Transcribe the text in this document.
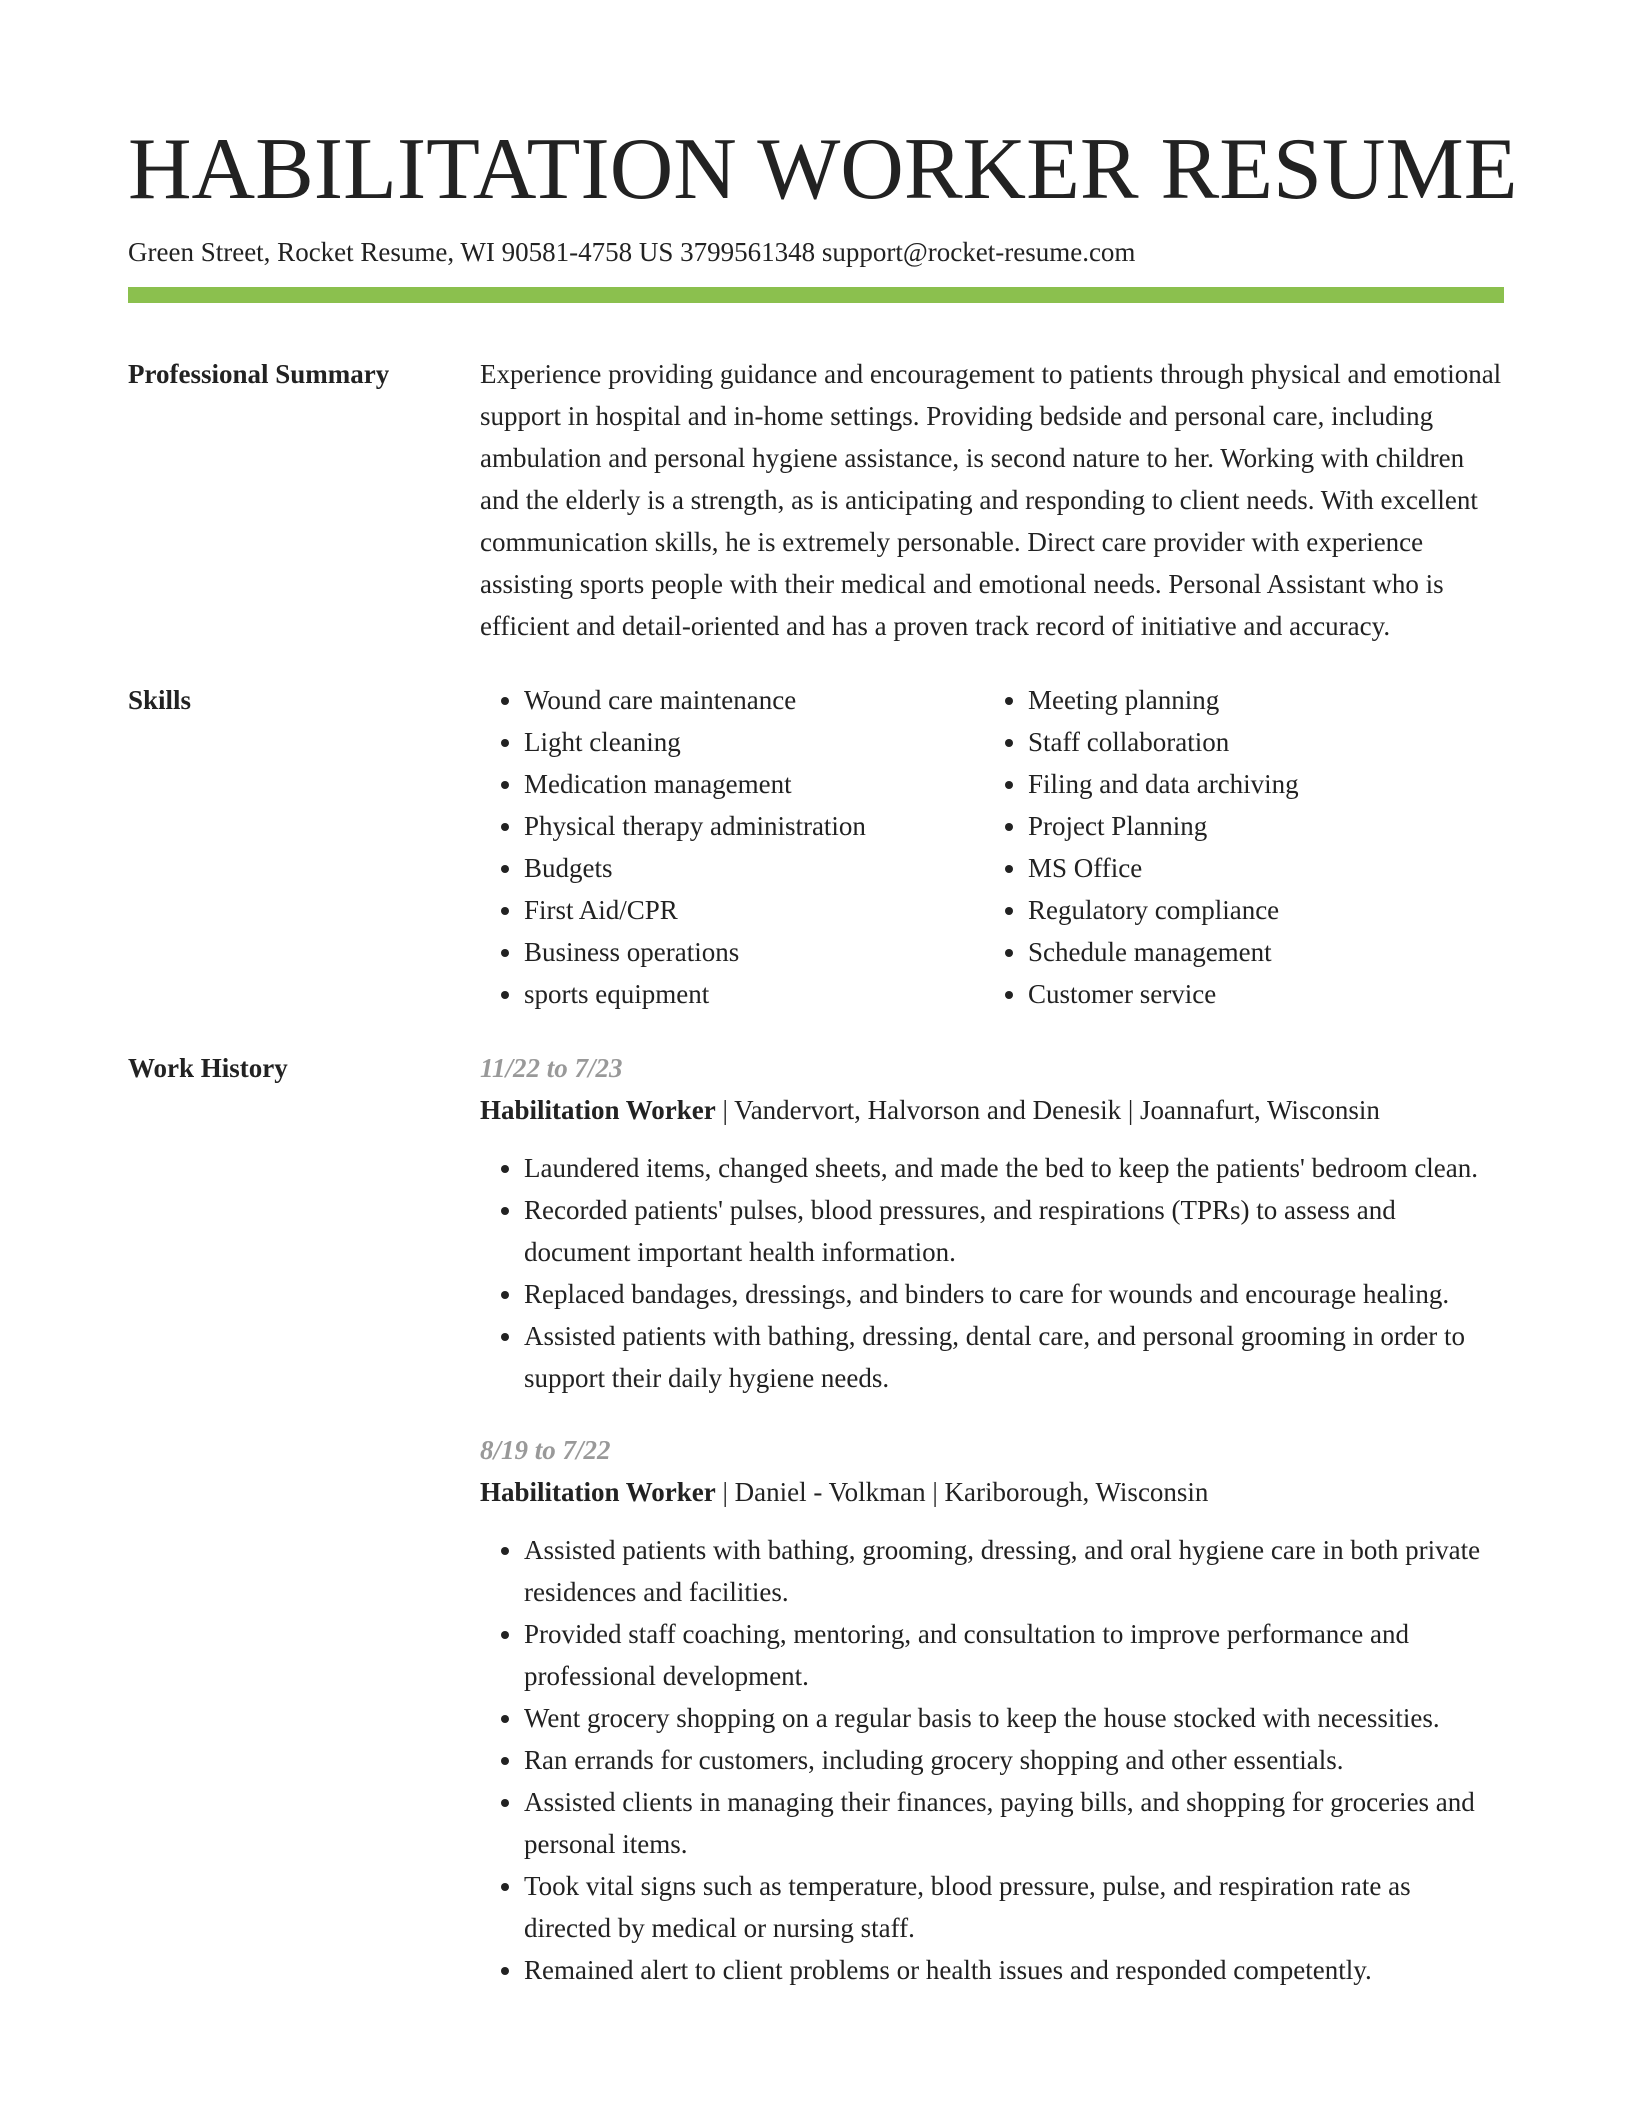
HABILITATION WORKER RESUME
Green Street, Rocket Resume, WI 90581-4758 US 3799561348 support@rocket-resume.com
Professional Summary	Experience providing guidance and encouragement to patients through physical and emotional support in hospital and in-home settings. Providing bedside and personal care, including ambulation and personal hygiene assistance, is second nature to her. Working with children and the elderly is a strength, as is anticipating and responding to client needs. With excellent communication skills, he is extremely personable. Direct care provider with experience assisting sports people with their medical and emotional needs. Personal Assistant who is efficient and detail-oriented and has a proven track record of initiative and accuracy.

Skills
•	Wound care maintenance
• Light cleaning
• Medication management
• Physical therapy administration
• Budgets
• First Aid/CPR
• Business operations
• sports equipment
• Meeting planning
• Staff collaboration
• Filing and data archiving
• Project Planning
• MS Office
• Regulatory compliance
• Schedule management
• Customer service
Work History	11/22 to 7/23
Habilitation Worker | Vandervort, Halvorson and Denesik | Joannafurt, Wisconsin
• Laundered items, changed sheets, and made the bed to keep the patients' bedroom clean.
• Recorded patients' pulses, blood pressures, and respirations (TPRs) to assess and document important health information.
• Replaced bandages, dressings, and binders to care for wounds and encourage healing.
• Assisted patients with bathing, dressing, dental care, and personal grooming in order to support their daily hygiene needs.
8/19 to 7/22
Habilitation Worker | Daniel - Volkman | Kariborough, Wisconsin
• Assisted patients with bathing, grooming, dressing, and oral hygiene care in both private residences and facilities.
• Provided staff coaching, mentoring, and consultation to improve performance and professional development.
• Went grocery shopping on a regular basis to keep the house stocked with necessities.
• Ran errands for customers, including grocery shopping and other essentials.
• Assisted clients in managing their finances, paying bills, and shopping for groceries and personal items.
• Took vital signs such as temperature, blood pressure, pulse, and respiration rate as directed by medical or nursing staff.
• Remained alert to client problems or health issues and responded competently.
